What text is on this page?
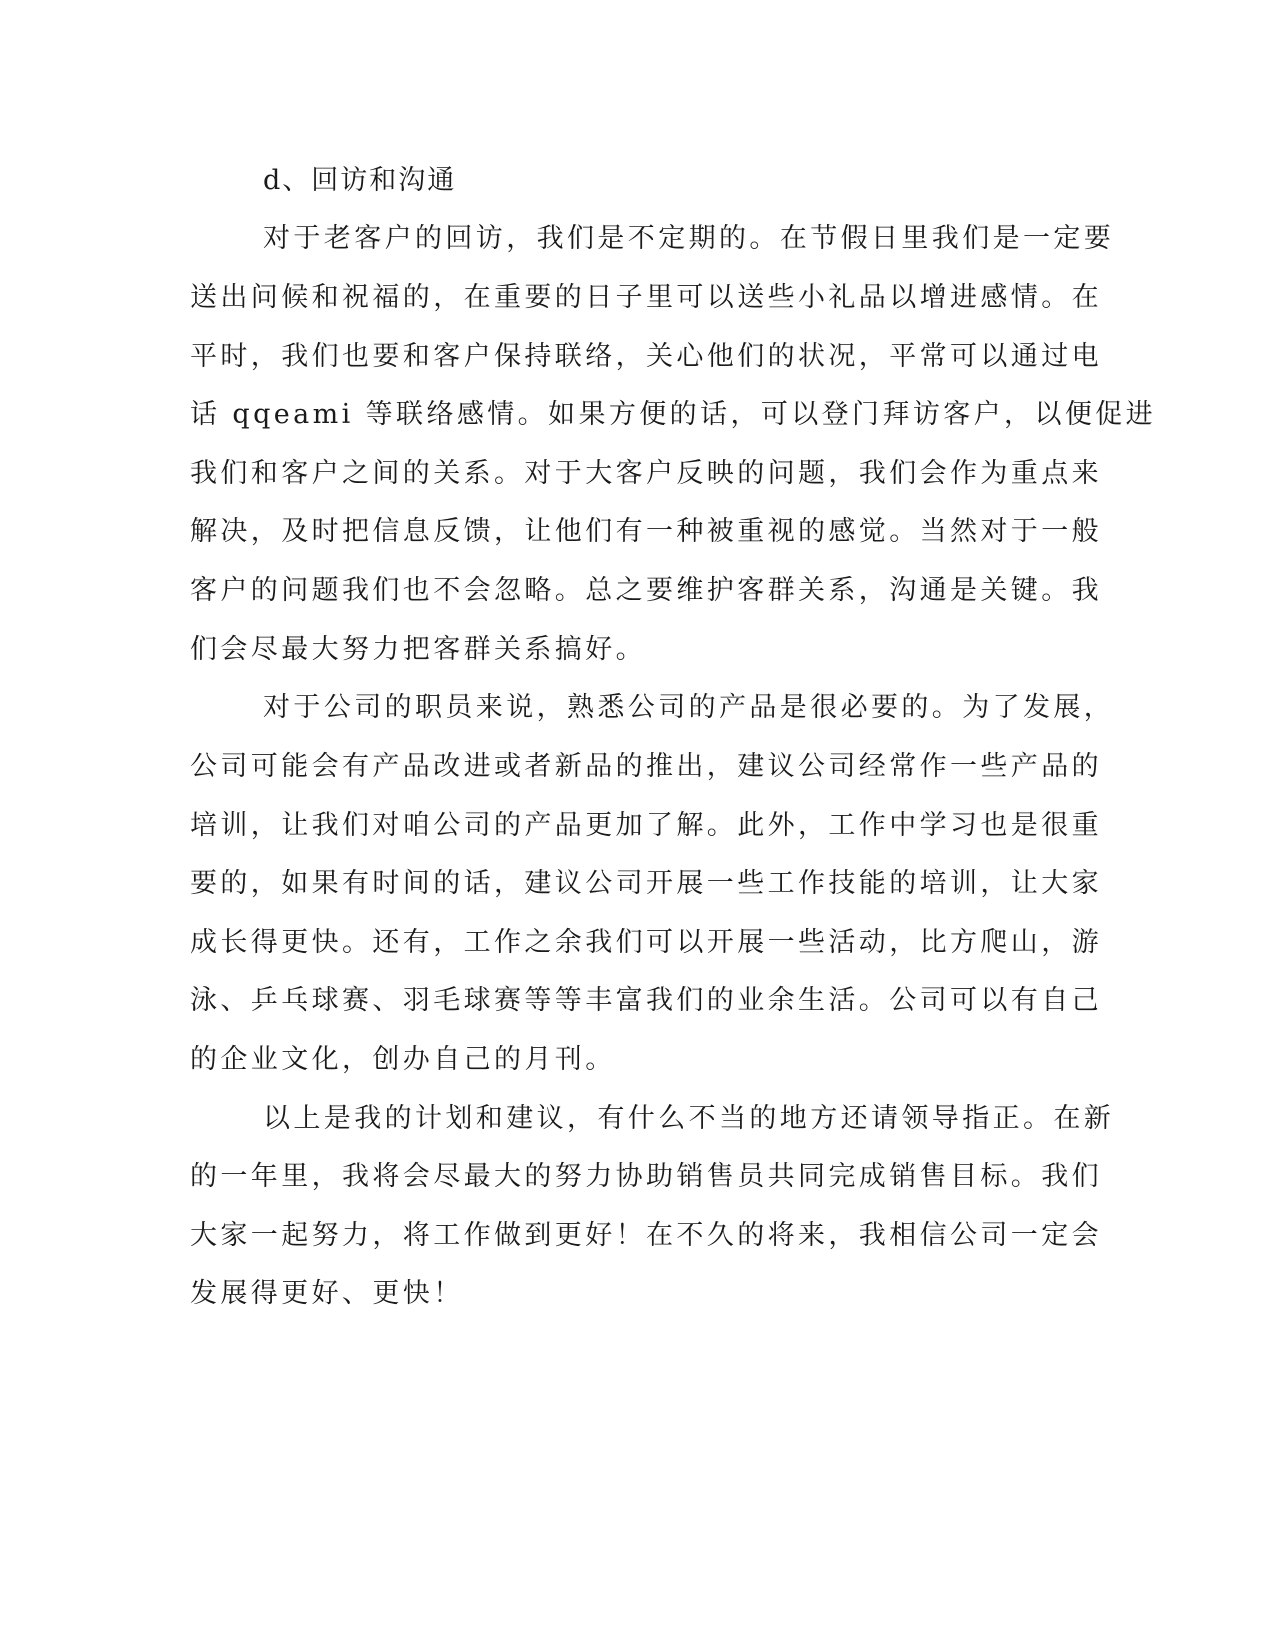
d、回访和沟通
对于老客户的回访，我们是不定期的。在节假日里我们是一定要
送出问候和祝福的，在重要的日子里可以送些小礼品以增进感情。在
平时，我们也要和客户保持联络，关心他们的状况，平常可以通过电
话 qqeami 等联络感情。如果方便的话，可以登门拜访客户，以便促进
我们和客户之间的关系。对于大客户反映的问题，我们会作为重点来
解决，及时把信息反馈，让他们有一种被重视的感觉。当然对于一般
客户的问题我们也不会忽略。总之要维护客群关系，沟通是关键。我
们会尽最大努力把客群关系搞好。
对于公司的职员来说，熟悉公司的产品是很必要的。为了发展，
公司可能会有产品改进或者新品的推出，建议公司经常作一些产品的
培训，让我们对咱公司的产品更加了解。此外，工作中学习也是很重
要的，如果有时间的话，建议公司开展一些工作技能的培训，让大家
成长得更快。还有，工作之余我们可以开展一些活动，比方爬山，游
泳、乒乓球赛、羽毛球赛等等丰富我们的业余生活。公司可以有自己
的企业文化，创办自己的月刊。
以上是我的计划和建议，有什么不当的地方还请领导指正。在新
的一年里，我将会尽最大的努力协助销售员共同完成销售目标。我们
大家一起努力，将工作做到更好！在不久的将来，我相信公司一定会
发展得更好、更快！
